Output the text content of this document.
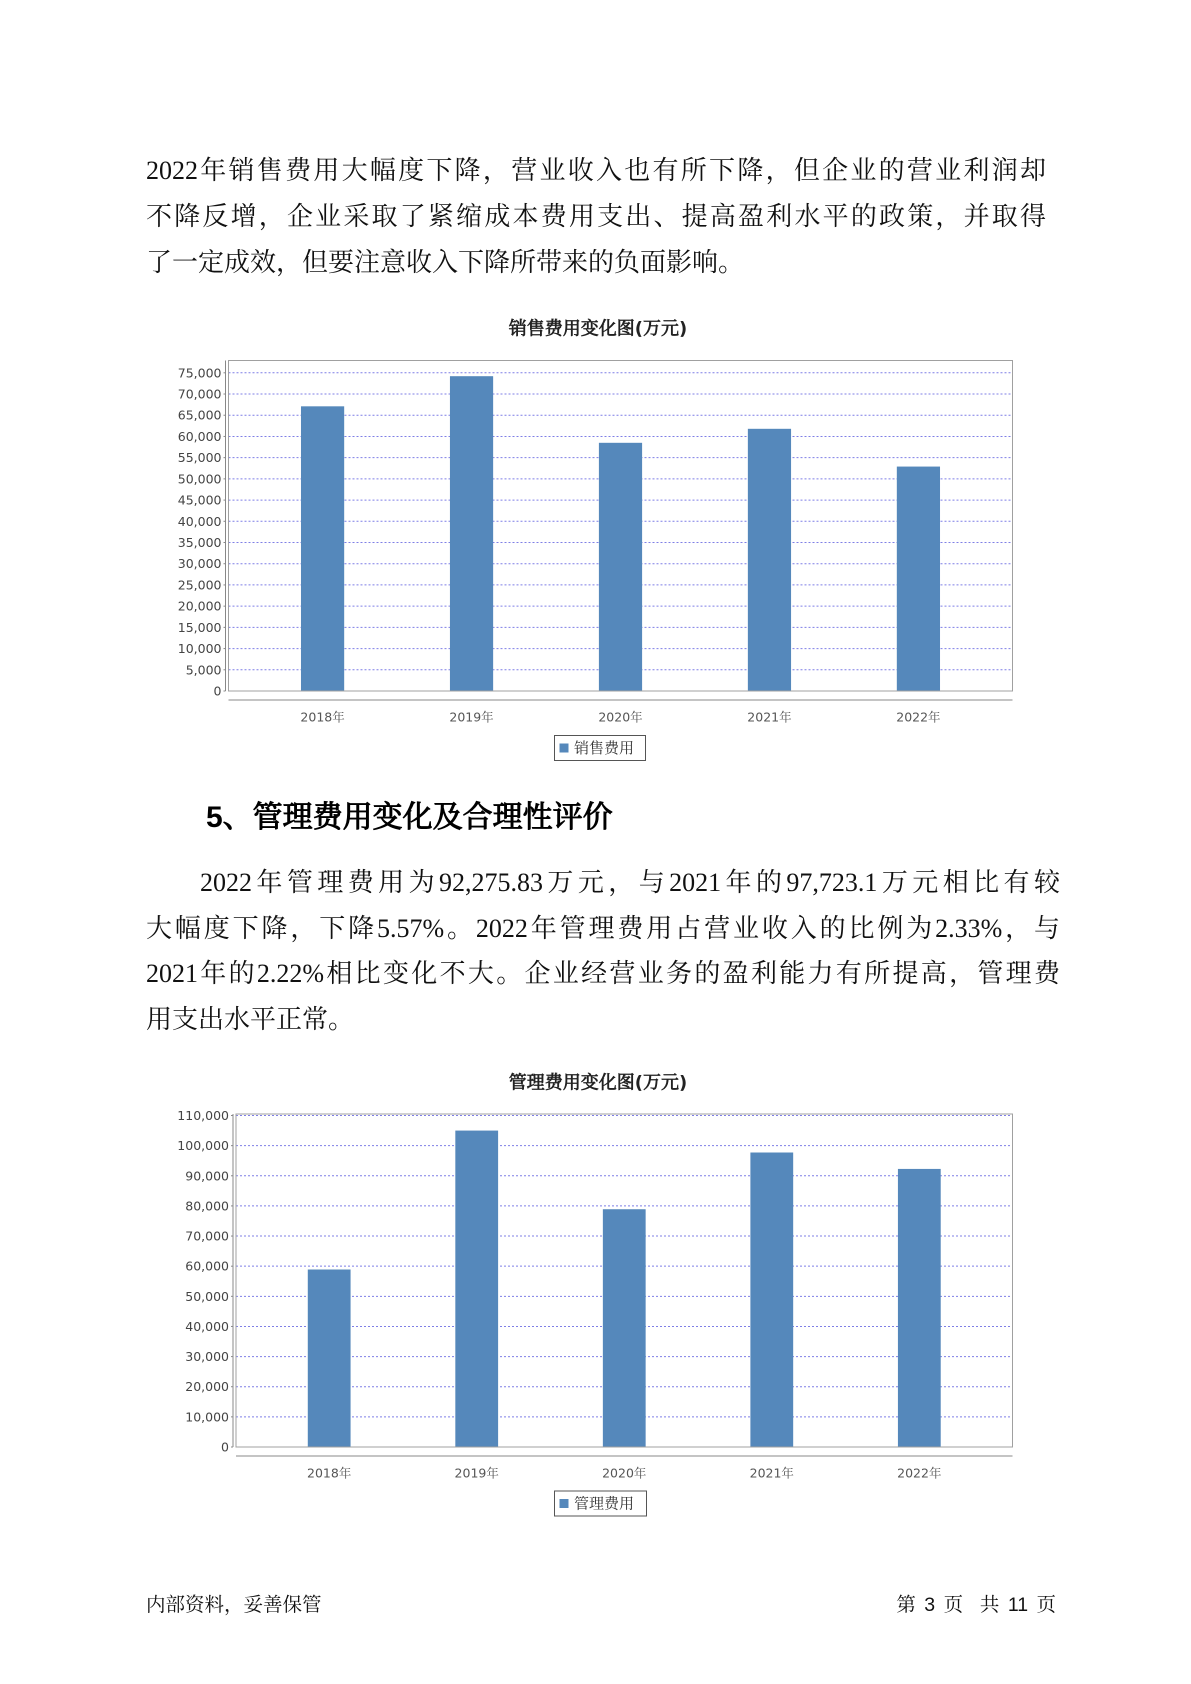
2022年销售费用大幅度下降，营业收入也有所下降，但企业的营业利润却
不降反增，企业采取了紧缩成本费用支出、提高盈利水平的政策，并取得
了一定成效，但要注意收入下降所带来的负面影响。
销售费用变化图(万元)
0
5,000
10,000
15,000
20,000
25,000
30,000
35,000
40,000
45,000
50,000
55,000
60,000
65,000
70,000
75,000
2018年	2019年	2020年	2021年	2022年
销售费用
5、管理费用变化及合理性评价
2022年管理费用为92,275.83万元，与2021年的97,723.1万元相比有较
大幅度下降，下降5.57%。2022年管理费用占营业收入的比例为2.33%，与
2021年的2.22%相比变化不大。企业经营业务的盈利能力有所提高，管理费
用支出水平正常。
管理费用变化图(万元)
0
10,000
20,000
30,000
40,000
50,000
60,000
70,000
80,000
90,000
100,000
110,000
2018年	2019年	2020年	2021年	2022年
管理费用
内部资料，妥善保管	第 3 页  共 11 页
